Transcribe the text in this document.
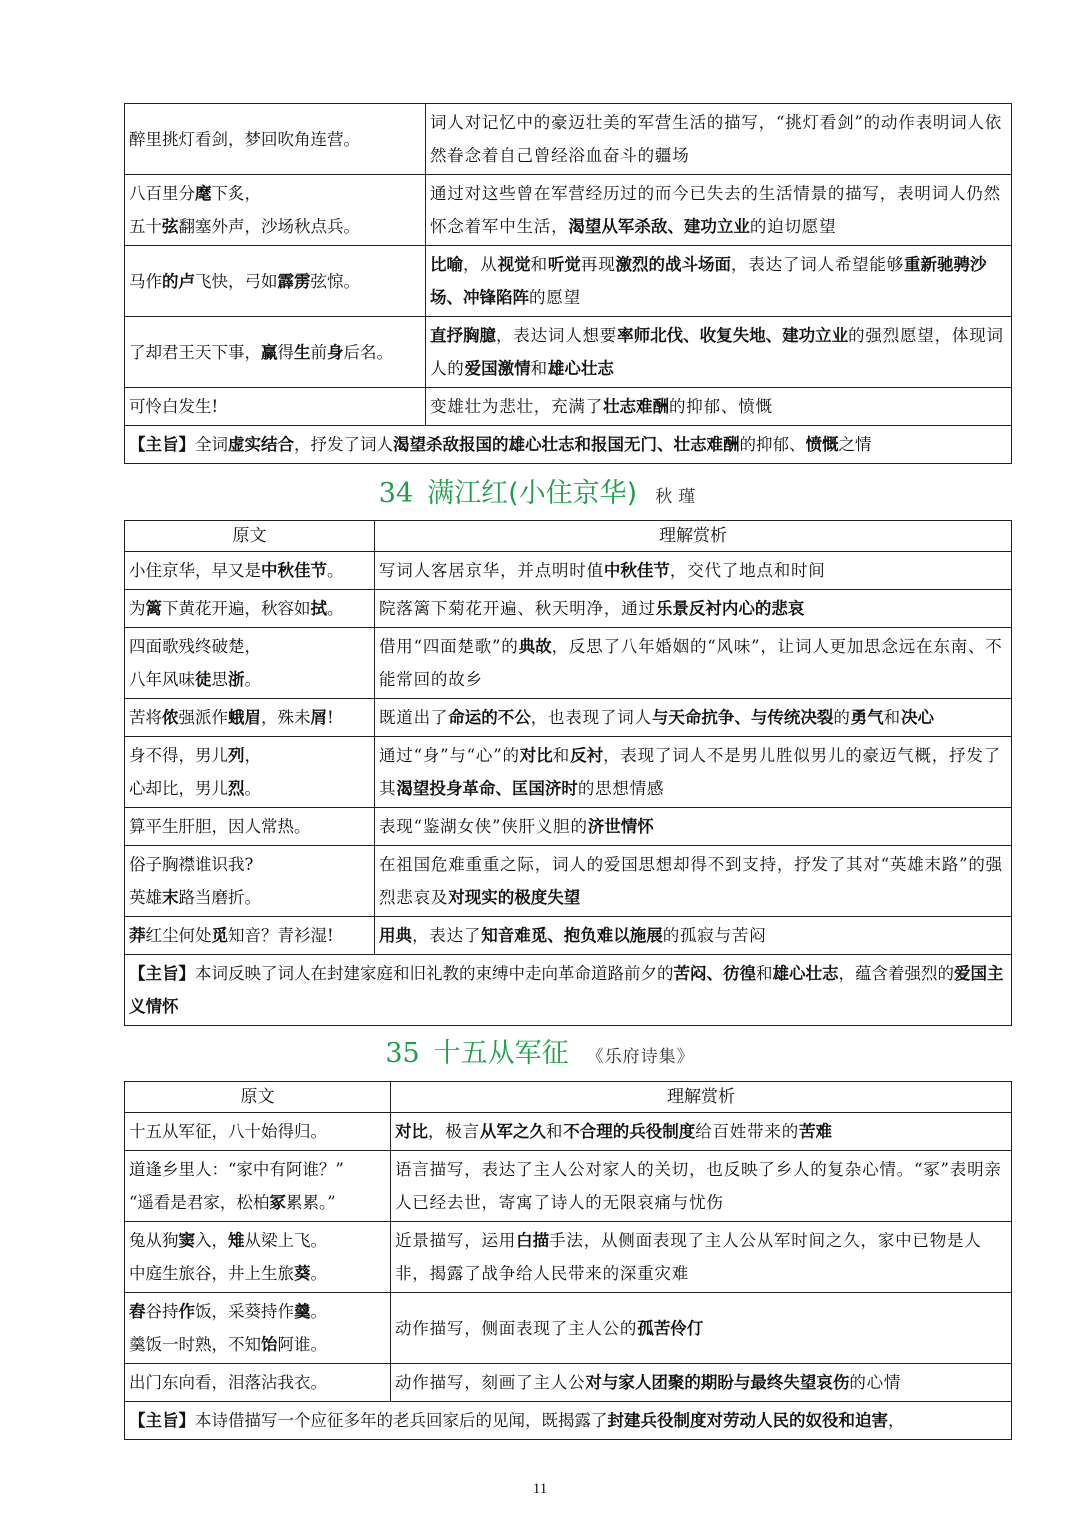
醉里挑灯看剑，梦回吹角连营。	词人对记忆中的豪迈壮美的军营生活的描写，“挑灯看剑”的动作表明词人依然眷念着自己曾经浴血奋斗的疆场
八百里分麾下炙，
五十弦翻塞外声，沙场秋点兵。	通过对这些曾在军营经历过的而今已失去的生活情景的描写，表明词人仍然怀念着军中生活，渴望从军杀敌、建功立业的迫切愿望
马作的卢飞快，弓如霹雳弦惊。	比喻，从视觉和听觉再现激烈的战斗场面，表达了词人希望能够重新驰骋沙场、冲锋陷阵的愿望
了却君王天下事，赢得生前身后名。	直抒胸臆，表达词人想要率师北伐、收复失地、建功立业的强烈愿望，体现词人的爱国激情和雄心壮志
可怜白发生!	变雄壮为悲壮，充满了壮志难酬的抑郁、愤慨
【主旨】全词虚实结合，抒发了词人渴望杀敌报国的雄心壮志和报国无门、壮志难酬的抑郁、愤慨之情	
34 满江红(小住京华) 秋瑾
原文	理解赏析
小住京华，早又是中秋佳节。	写词人客居京华，并点明时值中秋佳节，交代了地点和时间
为篱下黄花开遍，秋容如拭。	院落篱下菊花开遍、秋天明净，通过乐景反衬内心的悲哀
四面歌残终破楚，
八年风味徒思浙。	借用“四面楚歌”的典故，反思了八年婚姻的“风味”，让词人更加思念远在东南、不能常回的故乡
苦将侬强派作蛾眉，殊未屑!	既道出了命运的不公，也表现了词人与天命抗争、与传统决裂的勇气和决心
身不得，男儿列，
心却比，男儿烈。	通过“身”与“心”的对比和反衬，表现了词人不是男儿胜似男儿的豪迈气概，抒发了其渴望投身革命、匡国济时的思想情感
算平生肝胆，因人常热。	表现“鉴湖女侠”侠肝义胆的济世情怀
俗子胸襟谁识我?
英雄末路当磨折。	在祖国危难重重之际，词人的爱国思想却得不到支持，抒发了其对“英雄末路”的强烈悲哀及对现实的极度失望
莽红尘何处觅知音？青衫湿!	用典，表达了知音难觅、抱负难以施展的孤寂与苦闷
【主旨】本词反映了词人在封建家庭和旧礼教的束缚中走向革命道路前夕的苦闷、彷徨和雄心壮志，蕴含着强烈的爱国主义情怀	
35 十五从军征 《乐府诗集》
原文	理解赏析
十五从军征，八十始得归。	对比，极言从军之久和不合理的兵役制度给百姓带来的苦难
道逢乡里人：“家中有阿谁？”
“遥看是君家，松柏冢累累。”	语言描写，表达了主人公对家人的关切，也反映了乡人的复杂心情。“冢”表明亲人已经去世，寄寓了诗人的无限哀痛与忧伤
兔从狗窦入，雉从梁上飞。
中庭生旅谷，井上生旅葵。	近景描写，运用白描手法，从侧面表现了主人公从军时间之久，家中已物是人非，揭露了战争给人民带来的深重灾难
舂谷持作饭，采葵持作羹。
羹饭一时熟，不知饴阿谁。	动作描写，侧面表现了主人公的孤苦伶仃
出门东向看，泪落沾我衣。	动作描写，刻画了主人公对与家人团聚的期盼与最终失望哀伤的心情
【主旨】本诗借描写一个应征多年的老兵回家后的见闻，既揭露了封建兵役制度对劳动人民的奴役和迫害，	
11
